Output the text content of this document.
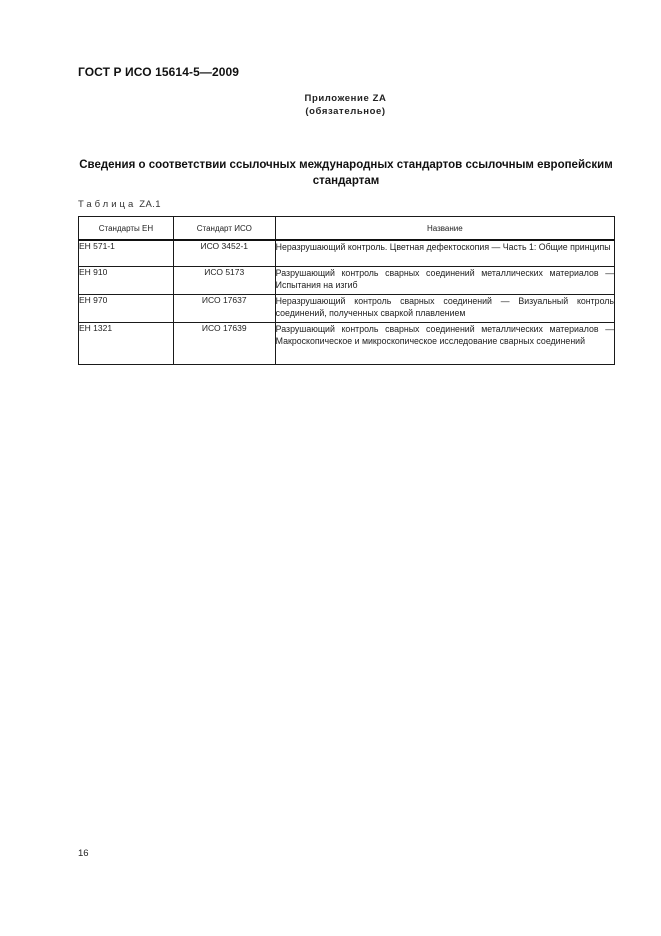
ГОСТ Р ИСО 15614-5—2009
Приложение ZA
(обязательное)
Сведения о соответствии ссылочных международных стандартов ссылочным европейским
стандартам
Таблица ZA.1
Стандарты ЕН	Стандарт ИСО	Название
ЕН 571-1	ИСО 3452-1	Неразрушающий контроль. Цветная дефектоскопия — Часть 1: Общие принципы
ЕН 910	ИСО 5173	Разрушающий контроль сварных соединений металлических материалов — Испытания на изгиб
ЕН 970	ИСО 17637	Неразрушающий контроль сварных соединений — Визуальный контроль соединений, полученных сваркой плавлением
ЕН 1321	ИСО 17639	Разрушающий контроль сварных соединений металлических материалов — Макроскопическое и микроскопическое исследование сварных соединений
16
